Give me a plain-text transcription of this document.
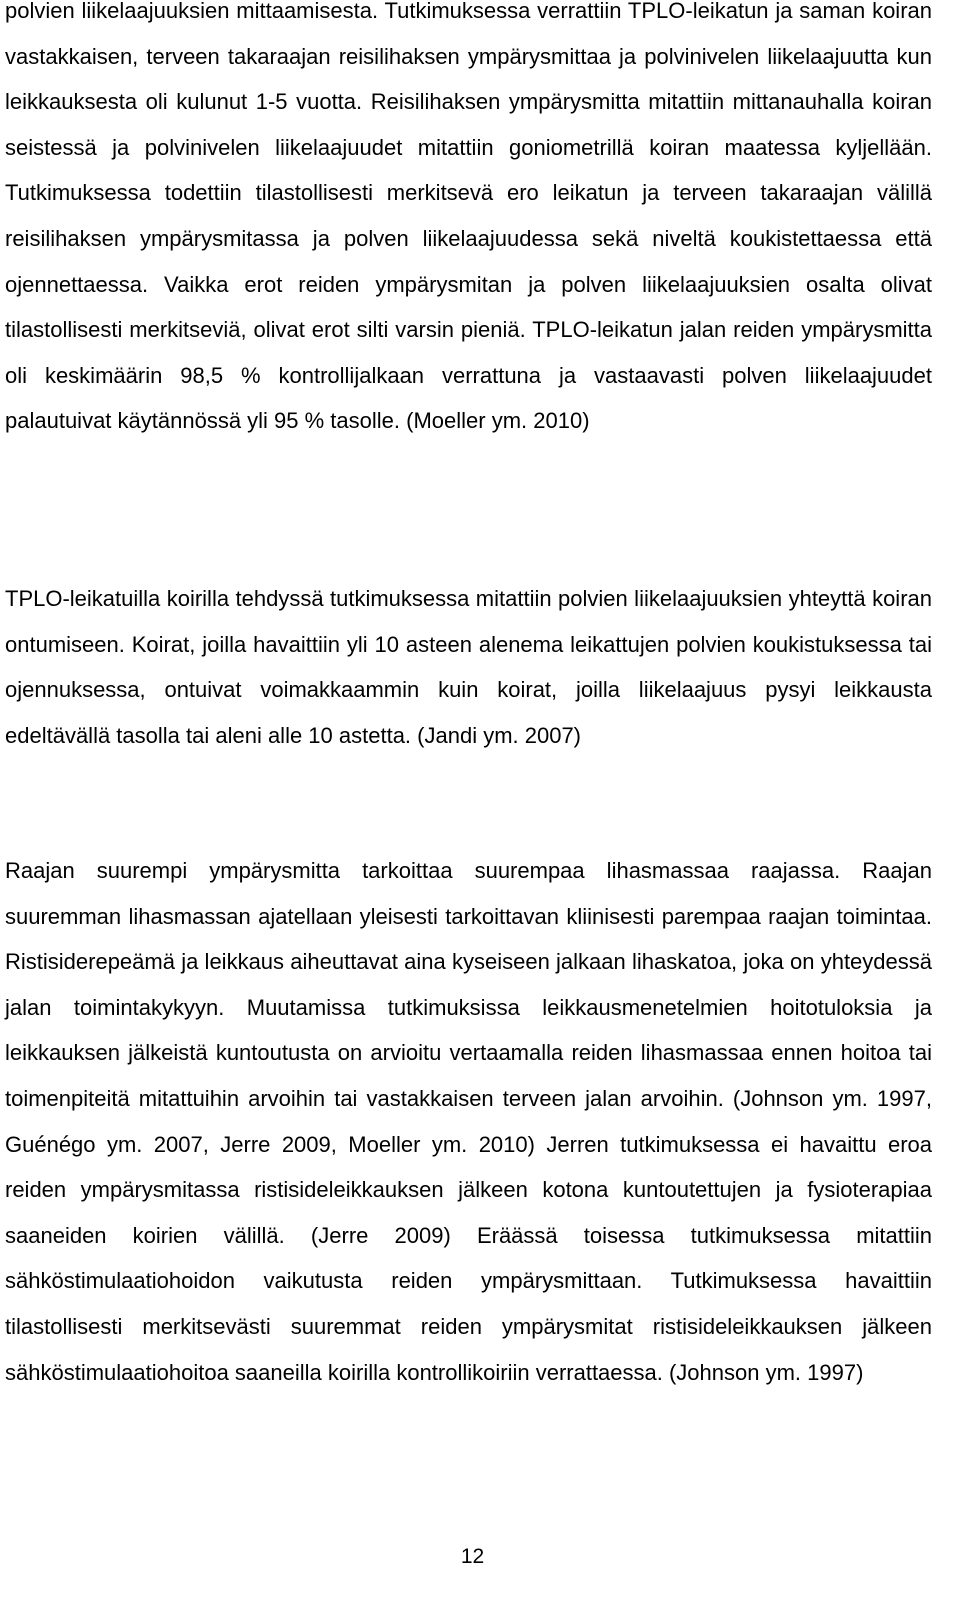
polvien liikelaajuuksien mittaamisesta. Tutkimuksessa verrattiin TPLO-leikatun ja saman koiran vastakkaisen, terveen takaraajan reisilihaksen ympärysmittaa ja polvinivelen liikelaajuutta kun leikkauksesta oli kulunut 1-5 vuotta. Reisilihaksen ympärysmitta mitattiin mittanauhalla koiran seistessä ja polvinivelen liikelaajuudet mitattiin goniometrillä koiran maatessa kyljellään. Tutkimuksessa todettiin tilastollisesti merkitsevä ero leikatun ja terveen takaraajan välillä reisilihaksen ympärysmitassa ja polven liikelaajuudessa sekä niveltä koukistettaessa että ojennettaessa. Vaikka erot reiden ympärysmitan ja polven liikelaajuuksien osalta olivat tilastollisesti merkitseviä, olivat erot silti varsin pieniä. TPLO-leikatun jalan reiden ympärysmitta oli keskimäärin 98,5 % kontrollijalkaan verrattuna ja vastaavasti polven liikelaajuudet palautuivat käytännössä yli 95 % tasolle. (Moeller ym. 2010)

TPLO-leikatuilla koirilla tehdyssä tutkimuksessa mitattiin polvien liikelaajuuksien yhteyttä koiran ontumiseen. Koirat, joilla havaittiin yli 10 asteen alenema leikattujen polvien koukistuksessa tai ojennuksessa, ontuivat voimakkaammin kuin koirat, joilla liikelaajuus pysyi leikkausta edeltävällä tasolla tai aleni alle 10 astetta. (Jandi ym. 2007)

Raajan suurempi ympärysmitta tarkoittaa suurempaa lihasmassaa raajassa. Raajan suuremman lihasmassan ajatellaan yleisesti tarkoittavan kliinisesti parempaa raajan toimintaa. Ristisiderepeämä ja leikkaus aiheuttavat aina kyseiseen jalkaan lihaskatoa, joka on yhteydessä jalan toimintakykyyn. Muutamissa tutkimuksissa leikkausmenetelmien hoitotuloksia ja leikkauksen jälkeistä kuntoutusta on arvioitu vertaamalla reiden lihasmassaa ennen hoitoa tai toimenpiteitä mitattuihin arvoihin tai vastakkaisen terveen jalan arvoihin. (Johnson ym. 1997, Guénégo ym. 2007, Jerre 2009, Moeller ym. 2010) Jerren tutkimuksessa ei havaittu eroa reiden ympärysmitassa ristisideleikkauksen jälkeen kotona kuntoutettujen ja fysioterapiaa saaneiden koirien välillä. (Jerre 2009) Eräässä toisessa tutkimuksessa mitattiin sähköstimulaatiohoidon vaikutusta reiden ympärysmittaan. Tutkimuksessa havaittiin tilastollisesti merkitsevästi suuremmat reiden ympärysmitat ristisideleikkauksen jälkeen sähköstimulaatiohoitoa saaneilla koirilla kontrollikoiriin verrattaessa. (Johnson ym. 1997)

12
